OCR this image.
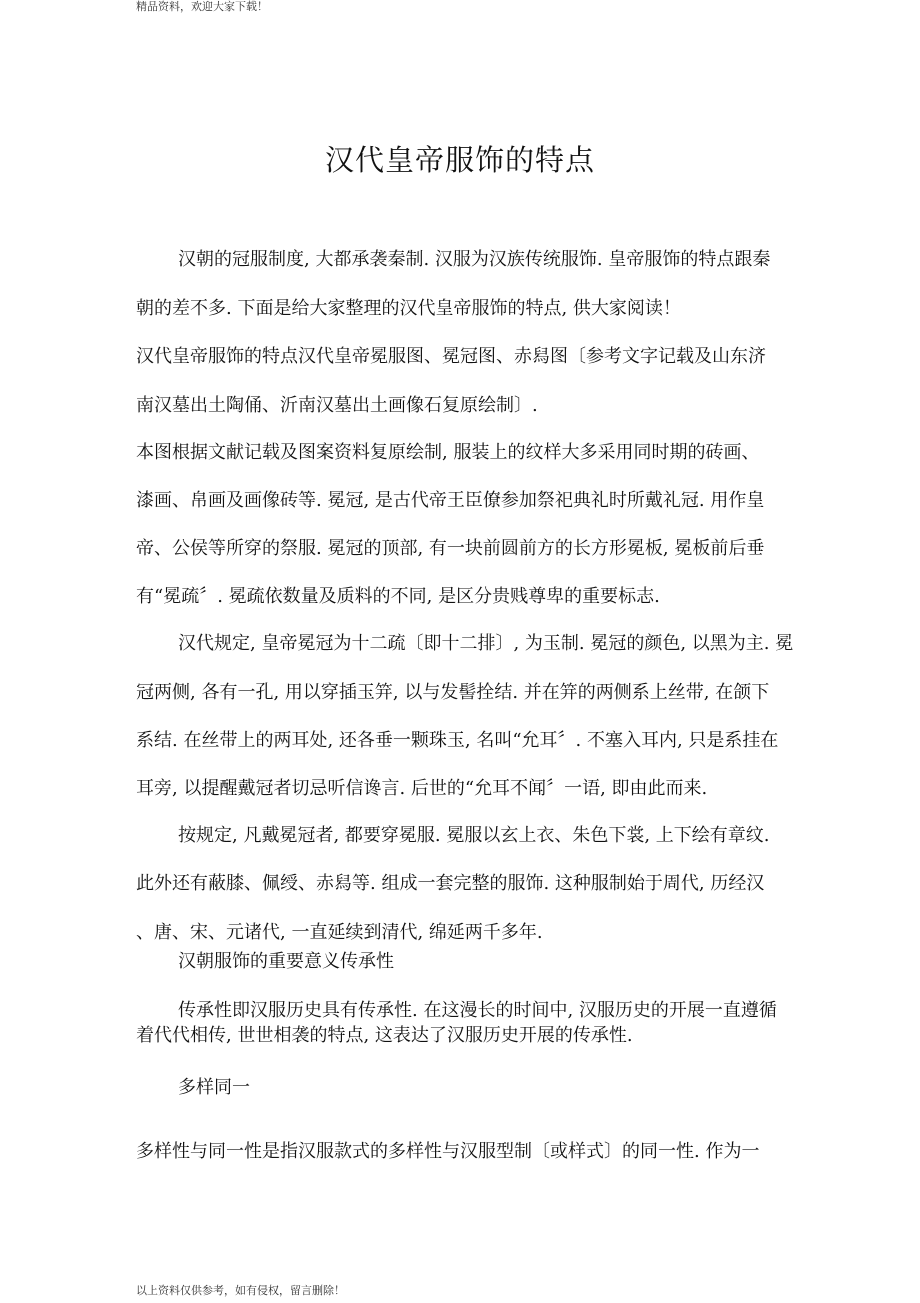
精品资料，欢迎大家下载！
汉代皇帝服饰的特点
汉朝的冠服制度, 大都承袭秦制. 汉服为汉族传统服饰. 皇帝服饰的特点跟秦
朝的差不多. 下面是给大家整理的汉代皇帝服饰的特点, 供大家阅读！
汉代皇帝服饰的特点汉代皇帝冕服图、冕冠图、赤舄图〔参考文字记载及山东济
南汉墓出土陶俑、沂南汉墓出土画像石复原绘制〕.
本图根据文献记载及图案资料复原绘制, 服装上的纹样大多采用同时期的砖画、
漆画、帛画及画像砖等. 冕冠, 是古代帝王臣僚参加祭祀典礼时所戴礼冠. 用作皇
帝、公侯等所穿的祭服. 冕冠的顶部, 有一块前圆前方的长方形冕板, 冕板前后垂
有“冕疏〞. 冕疏依数量及质料的不同, 是区分贵贱尊卑的重要标志.
汉代规定, 皇帝冕冠为十二疏〔即十二排〕, 为玉制. 冕冠的颜色, 以黑为主. 冕
冠两侧, 各有一孔, 用以穿插玉笄, 以与发髻拴结. 并在笄的两侧系上丝带, 在颌下
系结. 在丝带上的两耳处, 还各垂一颗珠玉, 名叫“允耳〞. 不塞入耳内, 只是系挂在
耳旁, 以提醒戴冠者切忌听信谗言. 后世的“允耳不闻〞一语, 即由此而来.
按规定, 凡戴冕冠者, 都要穿冕服. 冕服以玄上衣、朱色下裳, 上下绘有章纹.
此外还有蔽膝、佩绶、赤舄等. 组成一套完整的服饰. 这种服制始于周代, 历经汉
、唐、宋、元诸代, 一直延续到清代, 绵延两千多年.
汉朝服饰的重要意义传承性
传承性即汉服历史具有传承性. 在这漫长的时间中, 汉服历史的开展一直遵循
着代代相传, 世世相袭的特点, 这表达了汉服历史开展的传承性.
多样同一
多样性与同一性是指汉服款式的多样性与汉服型制〔或样式〕的同一性. 作为一
以上资料仅供参考，如有侵权，留言删除！
